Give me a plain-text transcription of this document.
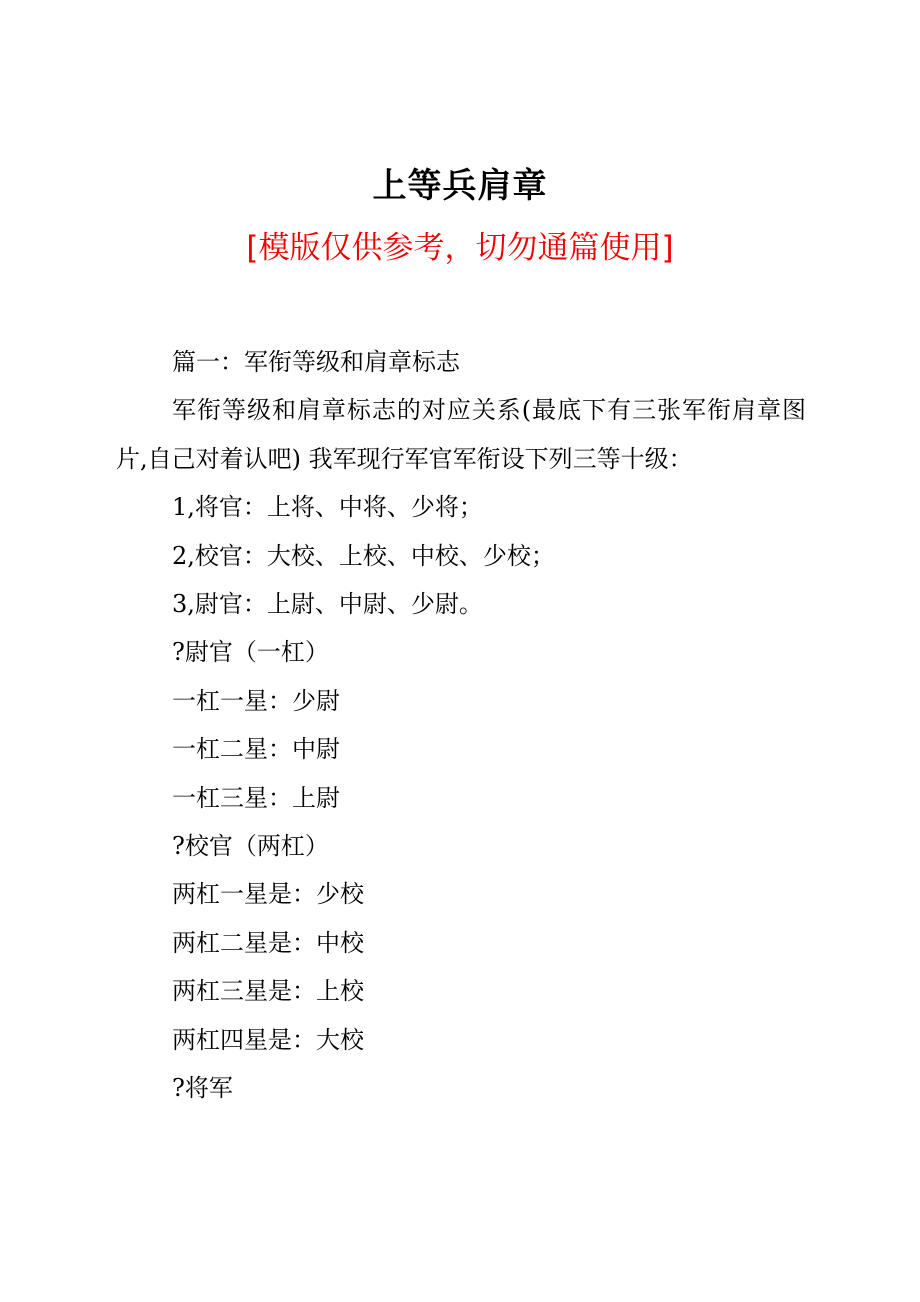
上等兵肩章
[模版仅供参考，切勿通篇使用]

篇一：军衔等级和肩章标志

军衔等级和肩章标志的对应关系(最底下有三张军衔肩章图片,自己对着认吧) 我军现行军官军衔设下列三等十级：

1,将官：上将、中将、少将；

2,校官：大校、上校、中校、少校；

3,尉官：上尉、中尉、少尉。

?尉官（一杠）

一杠一星：少尉

一杠二星：中尉

一杠三星：上尉

?校官（两杠）

两杠一星是：少校

两杠二星是：中校

两杠三星是：上校

两杠四星是：大校

?将军
